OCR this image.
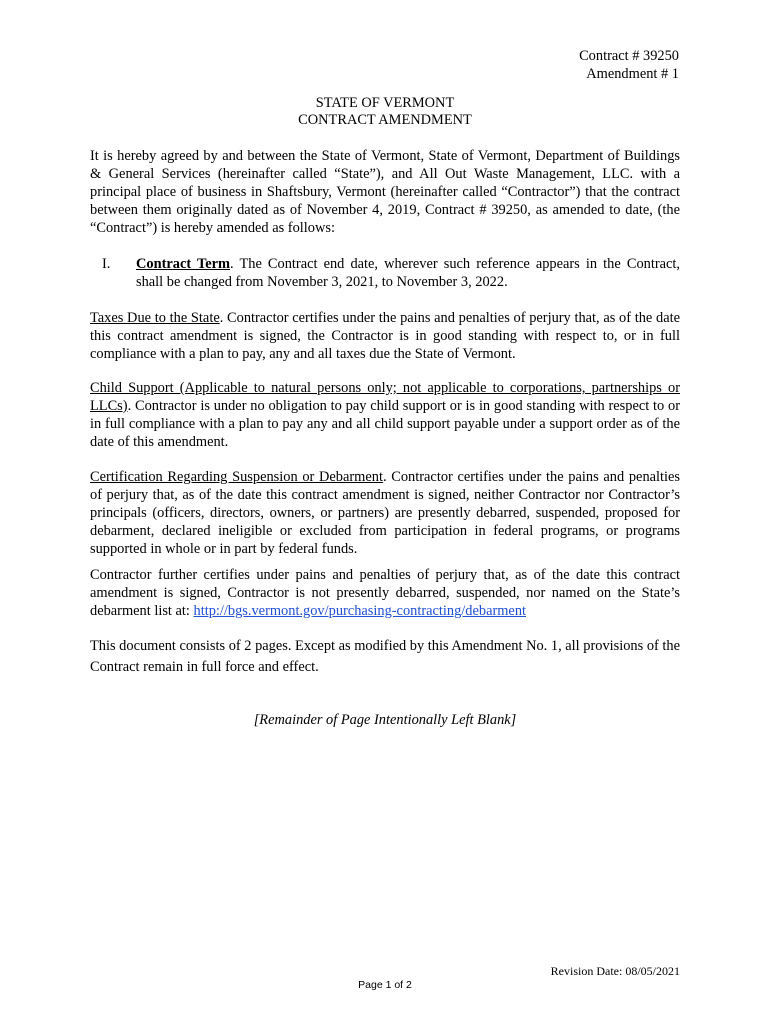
Contract # 39250
Amendment # 1
STATE OF VERMONT
CONTRACT AMENDMENT
It is hereby agreed by and between the State of Vermont, State of Vermont, Department of Buildings & General Services (hereinafter called “State”), and All Out Waste Management, LLC. with a principal place of business in Shaftsbury, Vermont (hereinafter called “Contractor”) that the contract between them originally dated as of November 4, 2019, Contract # 39250, as amended to date, (the “Contract”) is hereby amended as follows:
I. Contract Term. The Contract end date, wherever such reference appears in the Contract, shall be changed from November 3, 2021, to November 3, 2022.
Taxes Due to the State. Contractor certifies under the pains and penalties of perjury that, as of the date this contract amendment is signed, the Contractor is in good standing with respect to, or in full compliance with a plan to pay, any and all taxes due the State of Vermont.
Child Support (Applicable to natural persons only; not applicable to corporations, partnerships or LLCs). Contractor is under no obligation to pay child support or is in good standing with respect to or in full compliance with a plan to pay any and all child support payable under a support order as of the date of this amendment.
Certification Regarding Suspension or Debarment. Contractor certifies under the pains and penalties of perjury that, as of the date this contract amendment is signed, neither Contractor nor Contractor’s principals (officers, directors, owners, or partners) are presently debarred, suspended, proposed for debarment, declared ineligible or excluded from participation in federal programs, or programs supported in whole or in part by federal funds.
Contractor further certifies under pains and penalties of perjury that, as of the date this contract amendment is signed, Contractor is not presently debarred, suspended, nor named on the State’s debarment list at: http://bgs.vermont.gov/purchasing-contracting/debarment
This document consists of 2 pages. Except as modified by this Amendment No. 1, all provisions of the Contract remain in full force and effect.
[Remainder of Page Intentionally Left Blank]
Revision Date: 08/05/2021
Page 1 of 2
